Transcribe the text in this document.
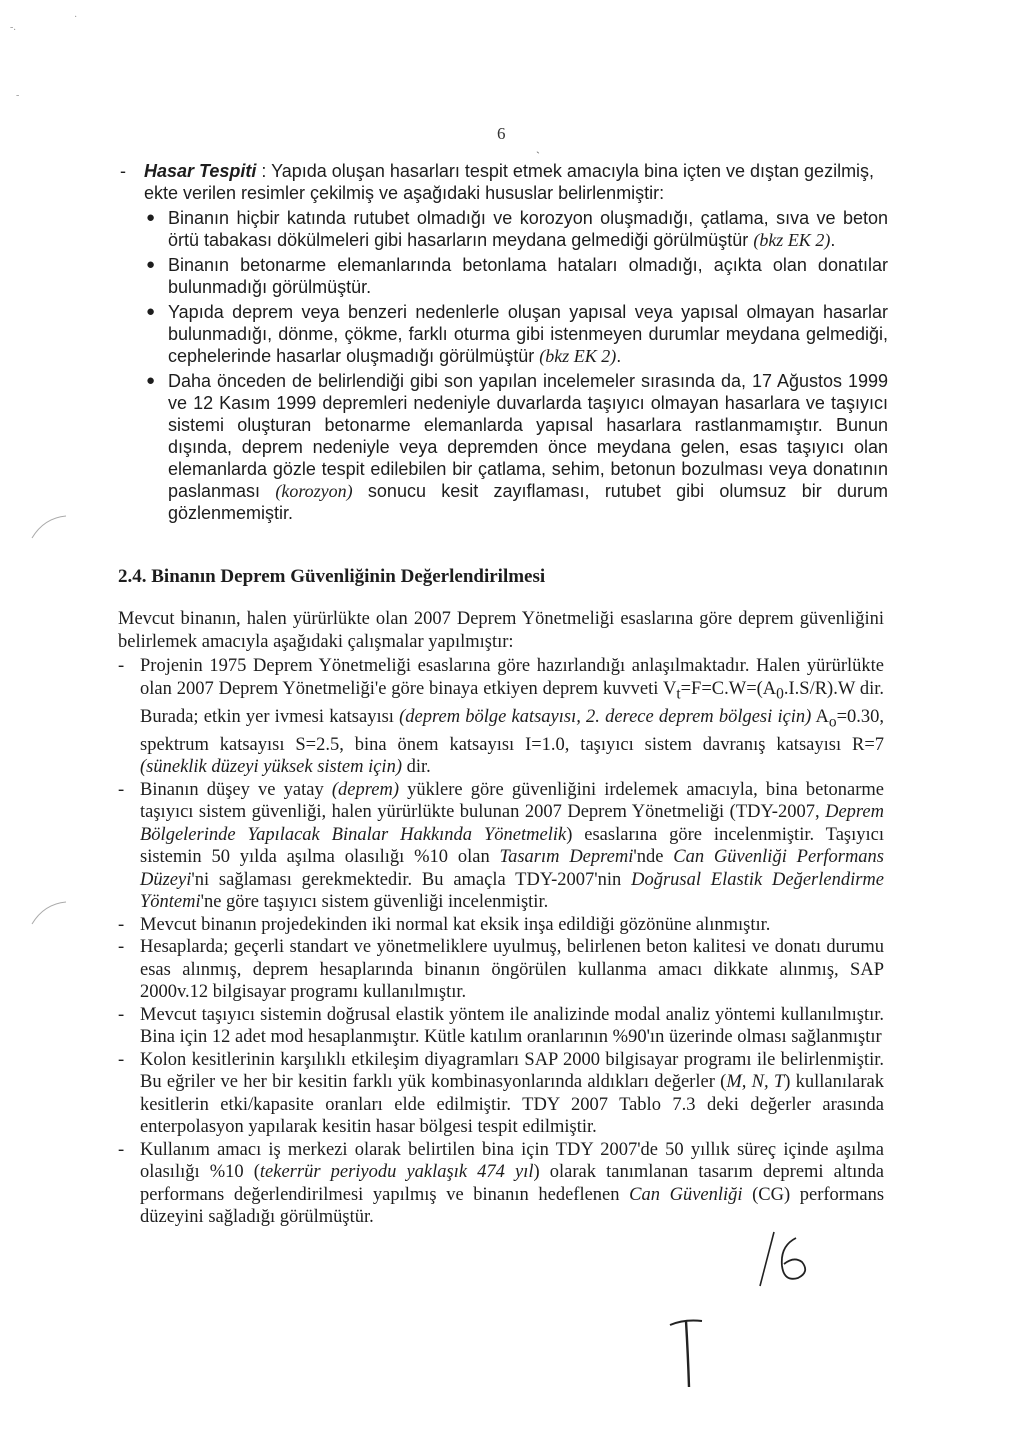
-.
·
-
6
ˎ
- Hasar Tespiti : Yapıda oluşan hasarları tespit etmek amacıyla bina içten ve dıştan gezilmiş, ekte verilen resimler çekilmiş ve aşağıdaki hususlar belirlenmiştir:
● Binanın hiçbir katında rutubet olmadığı ve korozyon oluşmadığı, çatlama, sıva ve beton örtü tabakası dökülmeleri gibi hasarların meydana gelmediği görülmüştür (bkz EK 2).
● Binanın betonarme elemanlarında betonlama hataları olmadığı, açıkta olan donatılar bulunmadığı görülmüştür.
● Yapıda deprem veya benzeri nedenlerle oluşan yapısal veya yapısal olmayan hasarlar bulunmadığı, dönme, çökme, farklı oturma gibi istenmeyen durumlar meydana gelmediği, cephelerinde hasarlar oluşmadığı görülmüştür (bkz EK 2).
● Daha önceden de belirlendiği gibi son yapılan incelemeler sırasında da, 17 Ağustos 1999 ve 12 Kasım 1999 depremleri nedeniyle duvarlarda taşıyıcı olmayan hasarlara ve taşıyıcı sistemi oluşturan betonarme elemanlarda yapısal hasarlara rastlanmamıştır. Bunun dışında, deprem nedeniyle veya depremden önce meydana gelen, esas taşıyıcı olan elemanlarda gözle tespit edilebilen bir çatlama, sehim, betonun bozulması veya donatının paslanması (korozyon) sonucu kesit zayıflaması, rutubet gibi olumsuz bir durum gözlenmemiştir.
2.4. Binanın Deprem Güvenliğinin Değerlendirilmesi

Mevcut binanın, halen yürürlükte olan 2007 Deprem Yönetmeliği esaslarına göre deprem güvenliğini belirlemek amacıyla aşağıdaki çalışmalar yapılmıştır:

- Projenin 1975 Deprem Yönetmeliği esaslarına göre hazırlandığı anlaşılmaktadır. Halen yürürlükte olan 2007 Deprem Yönetmeliği'e göre binaya etkiyen deprem kuvveti $V_t=F=C.W=(A_0.I.S/R).W$ dir. Burada; etkin yer ivmesi katsayısı (deprem bölge katsayısı, 2. derece deprem bölgesi için) $A_o=0.30$, spektrum katsayısı S=2.5, bina önem katsayısı I=1.0, taşıyıcı sistem davranış katsayısı R=7 (süneklik düzeyi yüksek sistem için) dir.
- Binanın düşey ve yatay (deprem) yüklere göre güvenliğini irdelemek amacıyla, bina betonarme taşıyıcı sistem güvenliği, halen yürürlükte bulunan 2007 Deprem Yönetmeliği (TDY-2007, Deprem Bölgelerinde Yapılacak Binalar Hakkında Yönetmelik) esaslarına göre incelenmiştir. Taşıyıcı sistemin 50 yılda aşılma olasılığı %10 olan Tasarım Depremi'nde Can Güvenliği Performans Düzeyi'ni sağlaması gerekmektedir. Bu amaçla TDY-2007'nin Doğrusal Elastik Değerlendirme Yöntemi'ne göre taşıyıcı sistem güvenliği incelenmiştir.
- Mevcut binanın projedekinden iki normal kat eksik inşa edildiği gözönüne alınmıştır.
- Hesaplarda; geçerli standart ve yönetmeliklere uyulmuş, belirlenen beton kalitesi ve donatı durumu esas alınmış, deprem hesaplarında binanın öngörülen kullanma amacı dikkate alınmış, SAP 2000v.12 bilgisayar programı kullanılmıştır.
- Mevcut taşıyıcı sistemin doğrusal elastik yöntem ile analizinde modal analiz yöntemi kullanılmıştır. Bina için 12 adet mod hesaplanmıştır. Kütle katılım oranlarının %90'ın üzerinde olması sağlanmıştır
- Kolon kesitlerinin karşılıklı etkileşim diyagramları SAP 2000 bilgisayar programı ile belirlenmiştir. Bu eğriler ve her bir kesitin farklı yük kombinasyonlarında aldıkları değerler (M, N, T) kullanılarak kesitlerin etki/kapasite oranları elde edilmiştir. TDY 2007 Tablo 7.3 deki değerler arasında enterpolasyon yapılarak kesitin hasar bölgesi tespit edilmiştir.
- Kullanım amacı iş merkezi olarak belirtilen bina için TDY 2007'de 50 yıllık süreç içinde aşılma olasılığı %10 (tekerrür periyodu yaklaşık 474 yıl) olarak tanımlanan tasarım depremi altında performans değerlendirilmesi yapılmış ve binanın hedeflenen Can Güvenliği (CG) performans düzeyini sağladığı görülmüştür.
